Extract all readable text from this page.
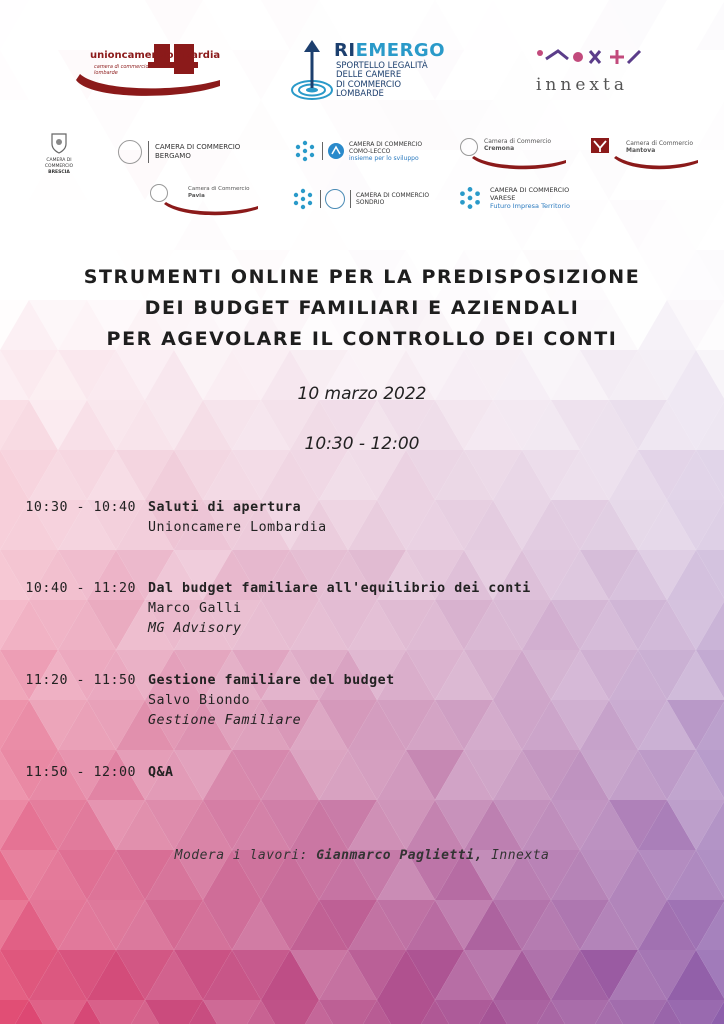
unioncamerelombardia
camera di commercio lombarde
RIEMERGO
SPORTELLO LEGALITÀ
DELLE CAMERE
DI COMMERCIO
LOMBARDE	innexta
CAMERA DI COMMERCIO
BRESCIA
CAMERA DI COMMERCIO
BERGAMO
CAMERA DI COMMERCIO
COMO-LECCO
insieme per lo sviluppo
Camera di Commercio
Cremona
Camera di Commercio
Mantova
Camera di Commercio
Pavia	CAMERA DI COMMERCIO
SONDRIO
CAMERA DI COMMERCIO
VARESE
Futuro Impresa Territorio
STRUMENTI ONLINE PER LA PREDISPOSIZIONE
DEI BUDGET FAMILIARI E AZIENDALI
PER AGEVOLARE IL CONTROLLO DEI CONTI
10 marzo 2022
10:30 - 12:00
10:30 - 10:40 Saluti di apertura
Unioncamere Lombardia
10:40 - 11:20 Dal budget familiare all'equilibrio dei conti
Marco Galli
MG Advisory
11:20 - 11:50 Gestione familiare del budget
Salvo Biondo
Gestione Familiare
11:50 - 12:00 Q&A
Modera i lavori: Gianmarco Paglietti, Innexta
